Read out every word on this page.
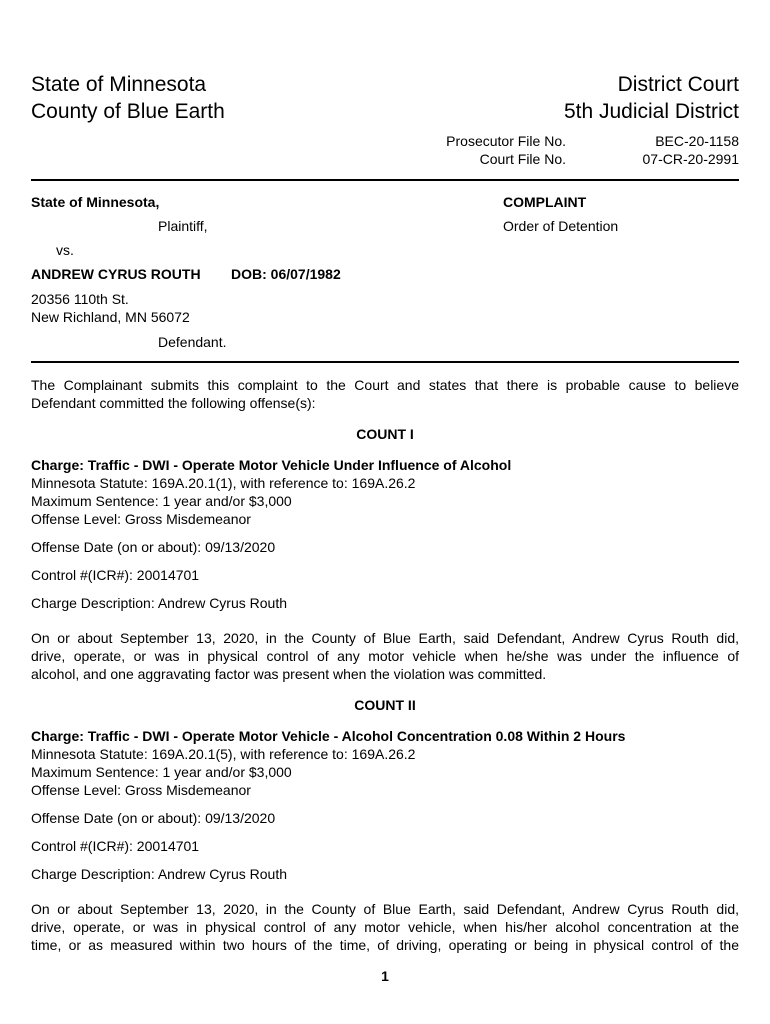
State of Minnesota
County of Blue Earth
District Court
5th Judicial District
Prosecutor File No.	BEC-20-1158
Court File No.	07-CR-20-2991
State of Minnesota,
Plaintiff,
vs.
ANDREW CYRUS ROUTH DOB: 06/07/1982
20356 110th St.
New Richland, MN 56072
Defendant.
COMPLAINT
Order of Detention
The Complainant submits this complaint to the Court and states that there is probable cause to believe
Defendant committed the following offense(s):
COUNT I
Charge: Traffic - DWI - Operate Motor Vehicle Under Influence of Alcohol
Minnesota Statute: 169A.20.1(1), with reference to: 169A.26.2
Maximum Sentence: 1 year and/or $3,000
Offense Level: Gross Misdemeanor
Offense Date (on or about): 09/13/2020
Control #(ICR#): 20014701
Charge Description: Andrew Cyrus Routh
On or about September 13, 2020, in the County of Blue Earth, said Defendant, Andrew Cyrus Routh did,
drive, operate, or was in physical control of any motor vehicle when he/she was under the influence of
alcohol, and one aggravating factor was present when the violation was committed.
COUNT II
Charge: Traffic - DWI - Operate Motor Vehicle - Alcohol Concentration 0.08 Within 2 Hours
Minnesota Statute: 169A.20.1(5), with reference to: 169A.26.2
Maximum Sentence: 1 year and/or $3,000
Offense Level: Gross Misdemeanor
Offense Date (on or about): 09/13/2020
Control #(ICR#): 20014701
Charge Description: Andrew Cyrus Routh
On or about September 13, 2020, in the County of Blue Earth, said Defendant, Andrew Cyrus Routh did,
drive, operate, or was in physical control of any motor vehicle, when his/her alcohol concentration at the
time, or as measured within two hours of the time, of driving, operating or being in physical control of the
1
